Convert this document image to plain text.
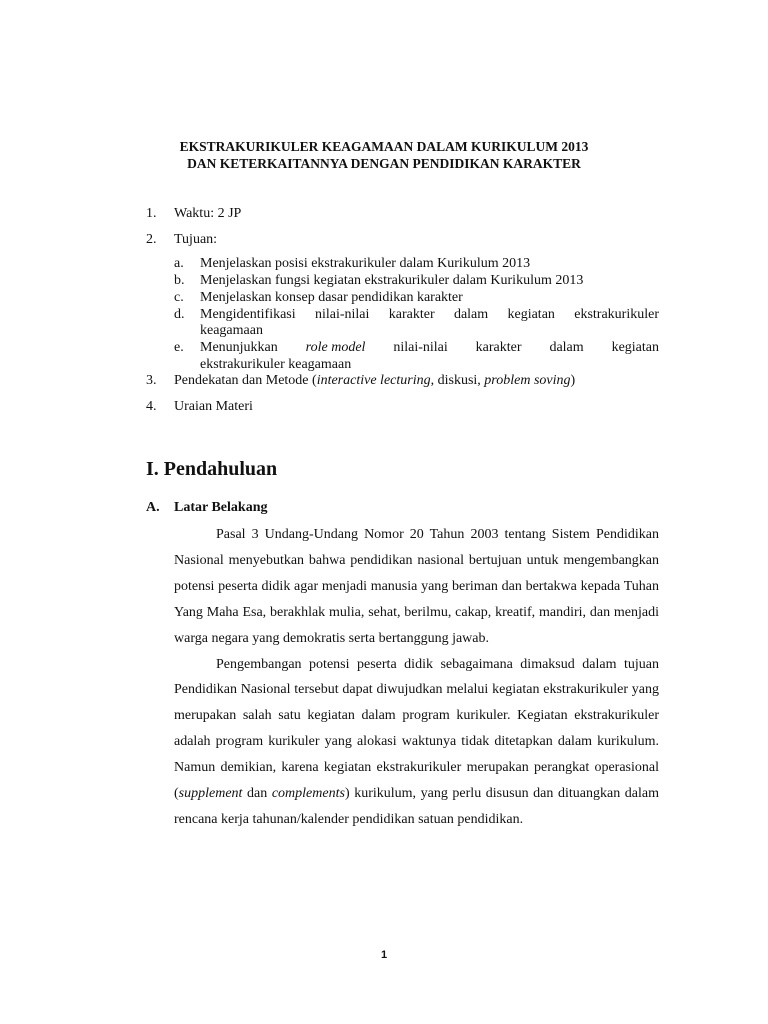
EKSTRAKURIKULER KEAGAMAAN DALAM KURIKULUM 2013
DAN KETERKAITANNYA DENGAN PENDIDIKAN KARAKTER
1. Waktu: 2 JP
2. Tujuan:
a. Menjelaskan posisi ekstrakurikuler dalam Kurikulum 2013
b. Menjelaskan fungsi kegiatan ekstrakurikuler dalam Kurikulum 2013
c. Menjelaskan konsep dasar pendidikan karakter
d. Mengidentifikasi nilai-nilai karakter dalam kegiatan ekstrakurikuler
keagamaan
e. Menunjukkan role model nilai-nilai karakter dalam kegiatan
ekstrakurikuler keagamaan
3. Pendekatan dan Metode (interactive lecturing, diskusi, problem soving)
4. Uraian Materi
I. Pendahuluan
A. Latar Belakang

Pasal 3 Undang-Undang Nomor 20 Tahun 2003 tentang Sistem Pendidikan Nasional menyebutkan bahwa pendidikan nasional bertujuan untuk mengembangkan potensi peserta didik agar menjadi manusia yang beriman dan bertakwa kepada Tuhan Yang Maha Esa, berakhlak mulia, sehat, berilmu, cakap, kreatif, mandiri, dan menjadi warga negara yang demokratis serta bertanggung jawab.

Pengembangan potensi peserta didik sebagaimana dimaksud dalam tujuan Pendidikan Nasional tersebut dapat diwujudkan melalui kegiatan ekstrakurikuler yang merupakan salah satu kegiatan dalam program kurikuler. Kegiatan ekstrakurikuler adalah program kurikuler yang alokasi waktunya tidak ditetapkan dalam kurikulum. Namun demikian, karena kegiatan ekstrakurikuler merupakan perangkat operasional (supplement dan complements) kurikulum, yang perlu disusun dan dituangkan dalam rencana kerja tahunan/kalender pendidikan satuan pendidikan.

1
